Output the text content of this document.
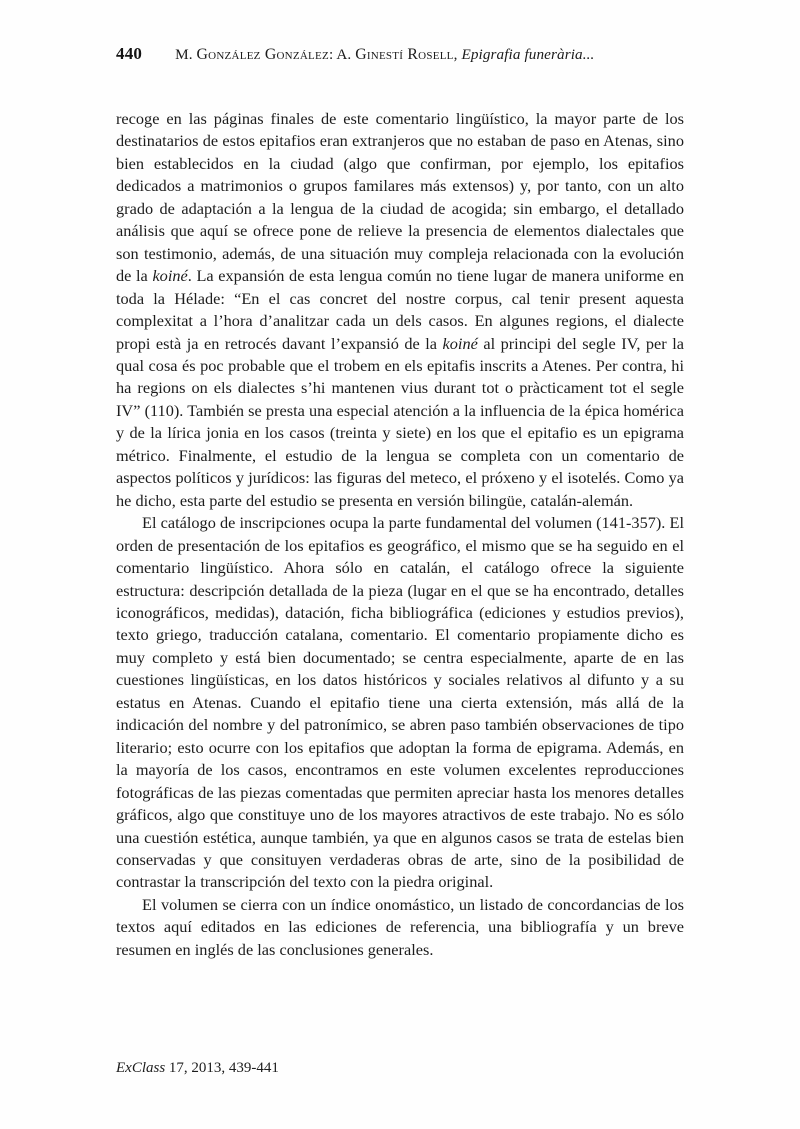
440 M. González González: A. Ginestí Rosell, Epigrafia funerària...

recoge en las páginas finales de este comentario lingüístico, la mayor parte de los destinatarios de estos epitafios eran extranjeros que no estaban de paso en Atenas, sino bien establecidos en la ciudad (algo que confirman, por ejemplo, los epitafios dedicados a matrimonios o grupos familares más extensos) y, por tanto, con un alto grado de adaptación a la lengua de la ciudad de acogida; sin embargo, el detallado análisis que aquí se ofrece pone de relieve la presencia de elementos dialectales que son testimonio, además, de una situación muy compleja relacionada con la evolución de la koiné. La expansión de esta lengua común no tiene lugar de manera uniforme en toda la Hélade: “En el cas concret del nostre corpus, cal tenir present aquesta complexitat a l’hora d’analitzar cada un dels casos. En algunes regions, el dialecte propi està ja en retrocés davant l’expansió de la koiné al principi del segle IV, per la qual cosa és poc probable que el trobem en els epitafis inscrits a Atenes. Per contra, hi ha regions on els dialectes s’hi mantenen vius durant tot o pràcticament tot el segle IV” (110). También se presta una especial atención a la influencia de la épica homérica y de la lírica jonia en los casos (treinta y siete) en los que el epitafio es un epigrama métrico. Finalmente, el estudio de la lengua se completa con un comentario de aspectos políticos y jurídicos: las figuras del meteco, el próxeno y el isotelés. Como ya he dicho, esta parte del estudio se presenta en versión bilingüe, catalán-alemán.

El catálogo de inscripciones ocupa la parte fundamental del volumen (141-357). El orden de presentación de los epitafios es geográfico, el mismo que se ha seguido en el comentario lingüístico. Ahora sólo en catalán, el catálogo ofrece la siguiente estructura: descripción detallada de la pieza (lugar en el que se ha encontrado, detalles iconográficos, medidas), datación, ficha bibliográfica (ediciones y estudios previos), texto griego, traducción catalana, comentario. El comentario propiamente dicho es muy completo y está bien documentado; se centra especialmente, aparte de en las cuestiones lingüísticas, en los datos históricos y sociales relativos al difunto y a su estatus en Atenas. Cuando el epitafio tiene una cierta extensión, más allá de la indicación del nombre y del patronímico, se abren paso también observaciones de tipo literario; esto ocurre con los epitafios que adoptan la forma de epigrama. Además, en la mayoría de los casos, encontramos en este volumen excelentes reproducciones fotográficas de las piezas comentadas que permiten apreciar hasta los menores detalles gráficos, algo que constituye uno de los mayores atractivos de este trabajo. No es sólo una cuestión estética, aunque también, ya que en algunos casos se trata de estelas bien conservadas y que consituyen verdaderas obras de arte, sino de la posibilidad de contrastar la transcripción del texto con la piedra original.

El volumen se cierra con un índice onomástico, un listado de concordancias de los textos aquí editados en las ediciones de referencia, una bibliografía y un breve resumen en inglés de las conclusiones generales.

ExClass 17, 2013, 439-441
